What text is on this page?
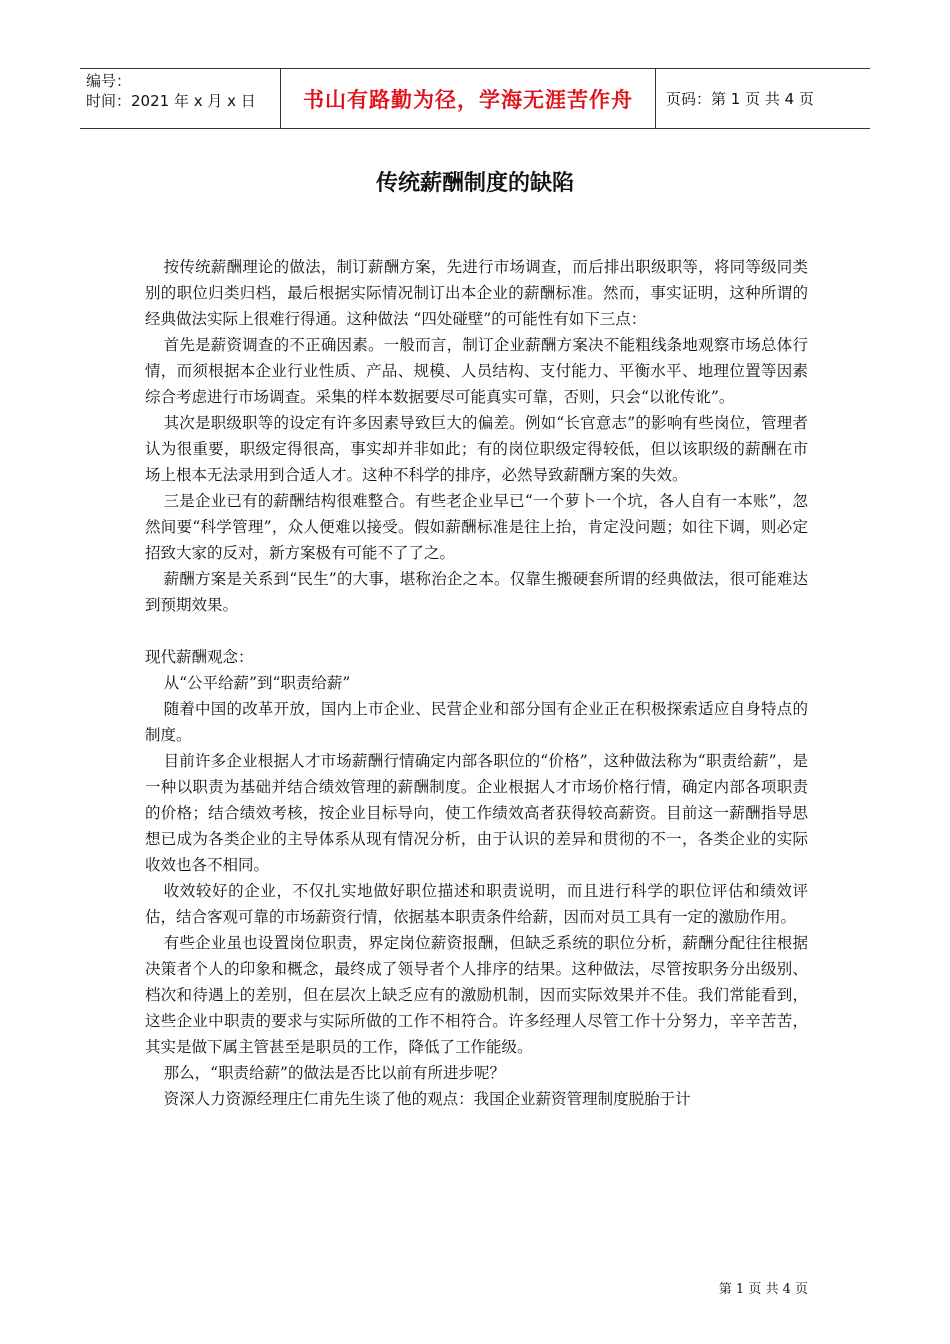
编号：
时间：2021 年 x 月 x 日	书山有路勤为径，学海无涯苦作舟	页码：第 1 页 共 4 页
传统薪酬制度的缺陷

按传统薪酬理论的做法，制订薪酬方案，先进行市场调查，而后排出职级职等，将同等级同类别的职位归类归档，最后根据实际情况制订出本企业的薪酬标准。然而，事实证明，这种所谓的经典做法实际上很难行得通。这种做法 “四处碰壁”的可能性有如下三点：

首先是薪资调查的不正确因素。一般而言，制订企业薪酬方案决不能粗线条地观察市场总体行情，而须根据本企业行业性质、产品、规模、人员结构、支付能力、平衡水平、地理位置等因素综合考虑进行市场调查。采集的样本数据要尽可能真实可靠，否则，只会“以讹传讹”。

其次是职级职等的设定有许多因素导致巨大的偏差。例如“长官意志”的影响有些岗位，管理者认为很重要，职级定得很高，事实却并非如此；有的岗位职级定得较低，但以该职级的薪酬在市场上根本无法录用到合适人才。这种不科学的排序，必然导致薪酬方案的失效。

三是企业已有的薪酬结构很难整合。有些老企业早已“一个萝卜一个坑，各人自有一本账”，忽然间要“科学管理”，众人便难以接受。假如薪酬标准是往上抬，肯定没问题；如往下调，则必定招致大家的反对，新方案极有可能不了了之。

薪酬方案是关系到“民生”的大事，堪称治企之本。仅靠生搬硬套所谓的经典做法，很可能难达到预期效果。

现代薪酬观念：

从“公平给薪”到“职责给薪”

随着中国的改革开放，国内上市企业、民营企业和部分国有企业正在积极探索适应自身特点的制度。

目前许多企业根据人才市场薪酬行情确定内部各职位的“价格”，这种做法称为“职责给薪”，是一种以职责为基础并结合绩效管理的薪酬制度。企业根据人才市场价格行情，确定内部各项职责的价格；结合绩效考核，按企业目标导向，使工作绩效高者获得较高薪资。目前这一薪酬指导思想已成为各类企业的主导体系从现有情况分析，由于认识的差异和贯彻的不一，各类企业的实际收效也各不相同。

收效较好的企业，不仅扎实地做好职位描述和职责说明，而且进行科学的职位评估和绩效评估，结合客观可靠的市场薪资行情，依据基本职责条件给薪，因而对员工具有一定的激励作用。

有些企业虽也设置岗位职责，界定岗位薪资报酬，但缺乏系统的职位分析，薪酬分配往往根据决策者个人的印象和概念，最终成了领导者个人排序的结果。这种做法，尽管按职务分出级别、档次和待遇上的差别，但在层次上缺乏应有的激励机制，因而实际效果并不佳。我们常能看到，这些企业中职责的要求与实际所做的工作不相符合。许多经理人尽管工作十分努力，辛辛苦苦，其实是做下属主管甚至是职员的工作，降低了工作能级。

那么，“职责给薪”的做法是否比以前有所进步呢？

资深人力资源经理庄仁甫先生谈了他的观点：我国企业薪资管理制度脱胎于计

第 1 页 共 4 页
